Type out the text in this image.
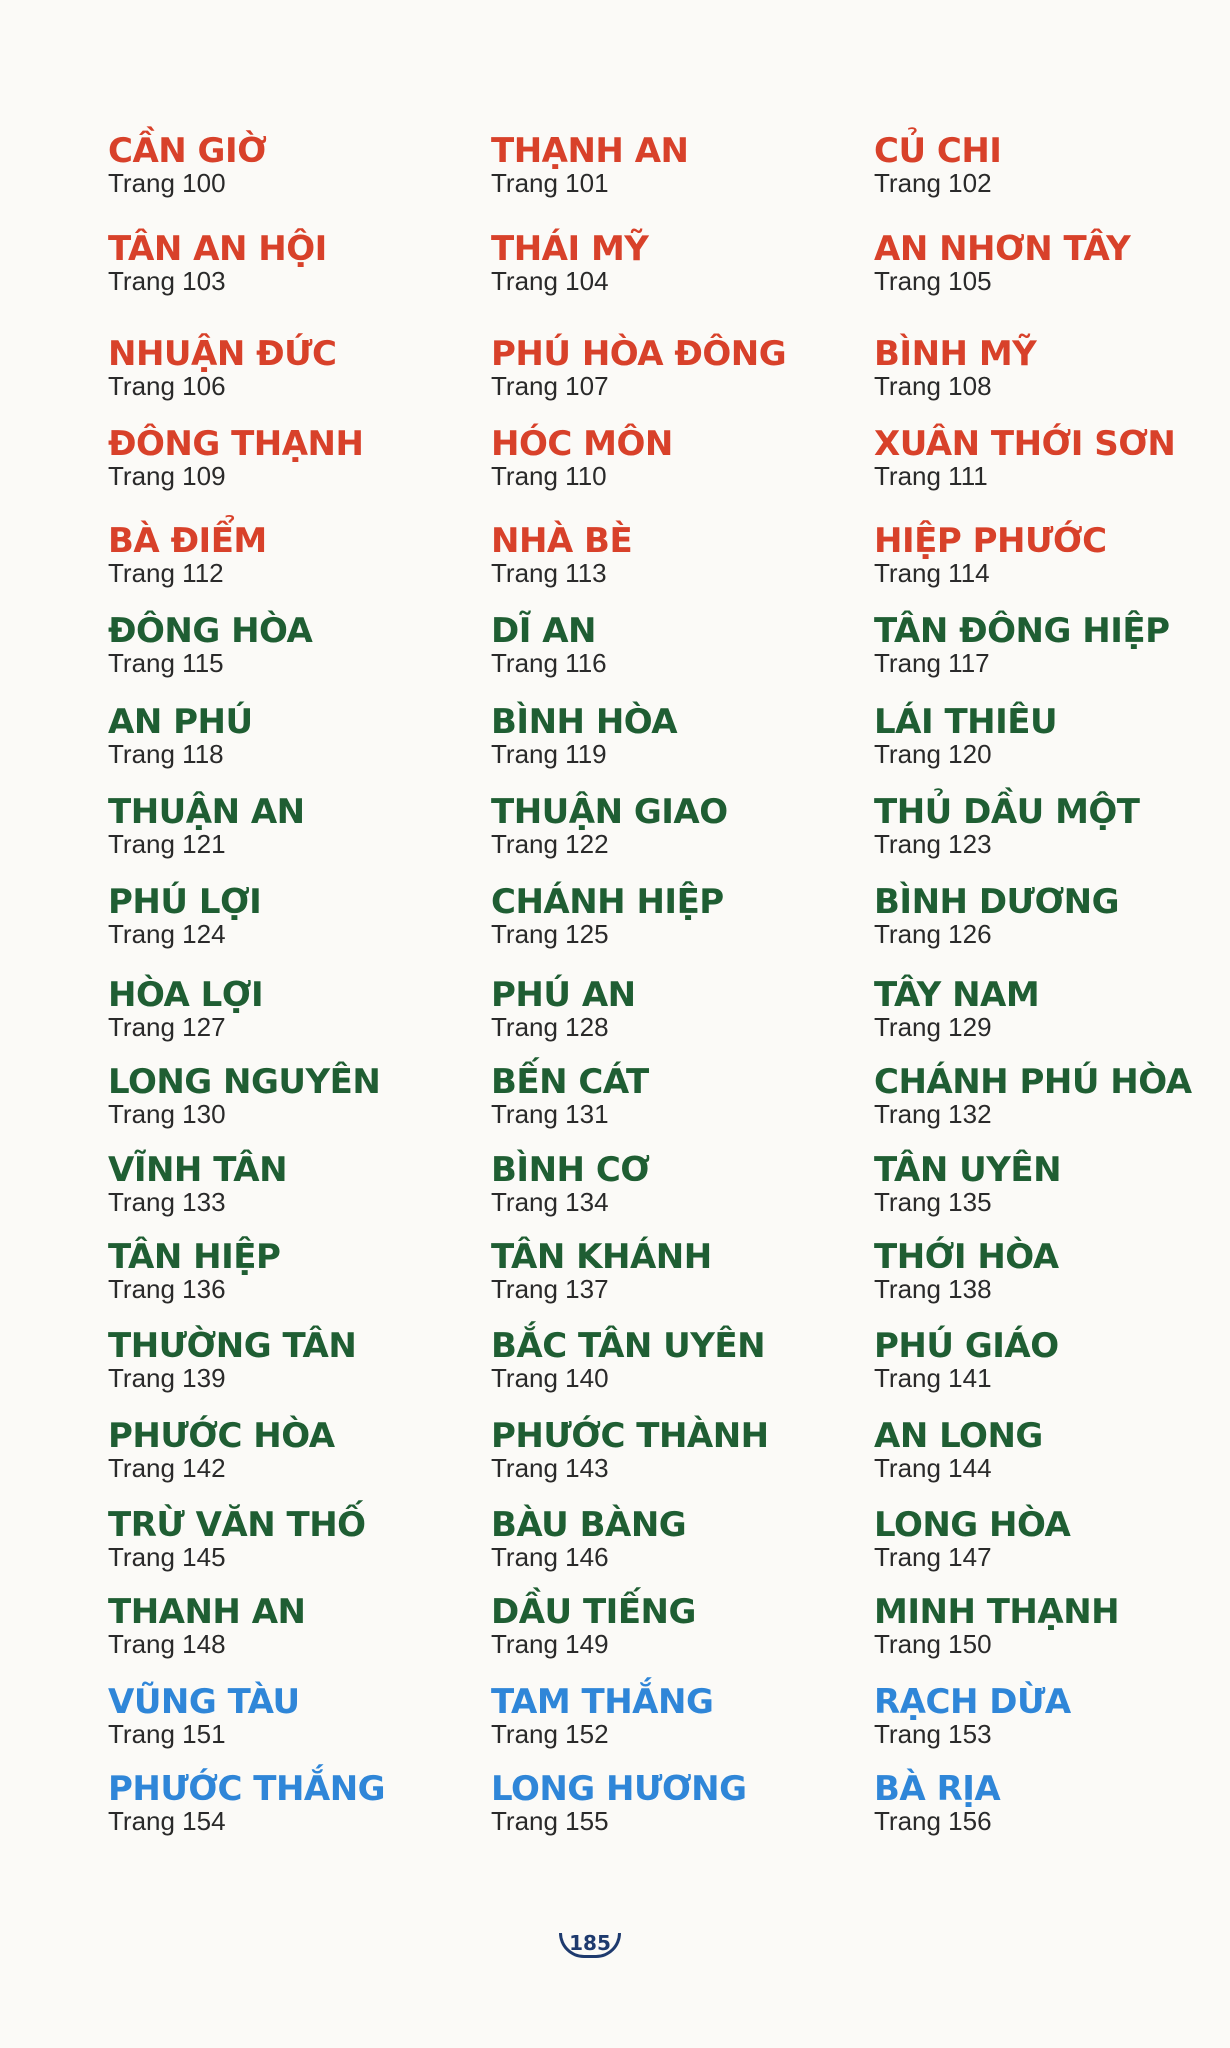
CẦN GIỜ
Trang 100
THẠNH AN
Trang 101
CỦ CHI
Trang 102
TÂN AN HỘI
Trang 103
THÁI MỸ
Trang 104
AN NHƠN TÂY
Trang 105
NHUẬN ĐỨC
Trang 106
PHÚ HÒA ĐÔNG
Trang 107
BÌNH MỸ
Trang 108
ĐÔNG THẠNH
Trang 109
HÓC MÔN
Trang 110
XUÂN THỚI SƠN
Trang 111
BÀ ĐIỂM
Trang 112
NHÀ BÈ
Trang 113
HIỆP PHƯỚC
Trang 114
ĐÔNG HÒA
Trang 115
DĨ AN
Trang 116
TÂN ĐÔNG HIỆP
Trang 117
AN PHÚ
Trang 118
BÌNH HÒA
Trang 119
LÁI THIÊU
Trang 120
THUẬN AN
Trang 121
THUẬN GIAO
Trang 122
THỦ DẦU MỘT
Trang 123
PHÚ LỢI
Trang 124
CHÁNH HIỆP
Trang 125
BÌNH DƯƠNG
Trang 126
HÒA LỢI
Trang 127
PHÚ AN
Trang 128
TÂY NAM
Trang 129
LONG NGUYÊN
Trang 130
BẾN CÁT
Trang 131
CHÁNH PHÚ HÒA
Trang 132
VĨNH TÂN
Trang 133
BÌNH CƠ
Trang 134
TÂN UYÊN
Trang 135
TÂN HIỆP
Trang 136
TÂN KHÁNH
Trang 137
THỚI HÒA
Trang 138
THƯỜNG TÂN
Trang 139
BẮC TÂN UYÊN
Trang 140
PHÚ GIÁO
Trang 141
PHƯỚC HÒA
Trang 142
PHƯỚC THÀNH
Trang 143
AN LONG
Trang 144
TRỪ VĂN THỐ
Trang 145
BÀU BÀNG
Trang 146
LONG HÒA
Trang 147
THANH AN
Trang 148
DẦU TIẾNG
Trang 149
MINH THẠNH
Trang 150
VŨNG TÀU
Trang 151
TAM THẮNG
Trang 152
RẠCH DỪA
Trang 153
PHƯỚC THẮNG
Trang 154
LONG HƯƠNG
Trang 155
BÀ RỊA
Trang 156
185
